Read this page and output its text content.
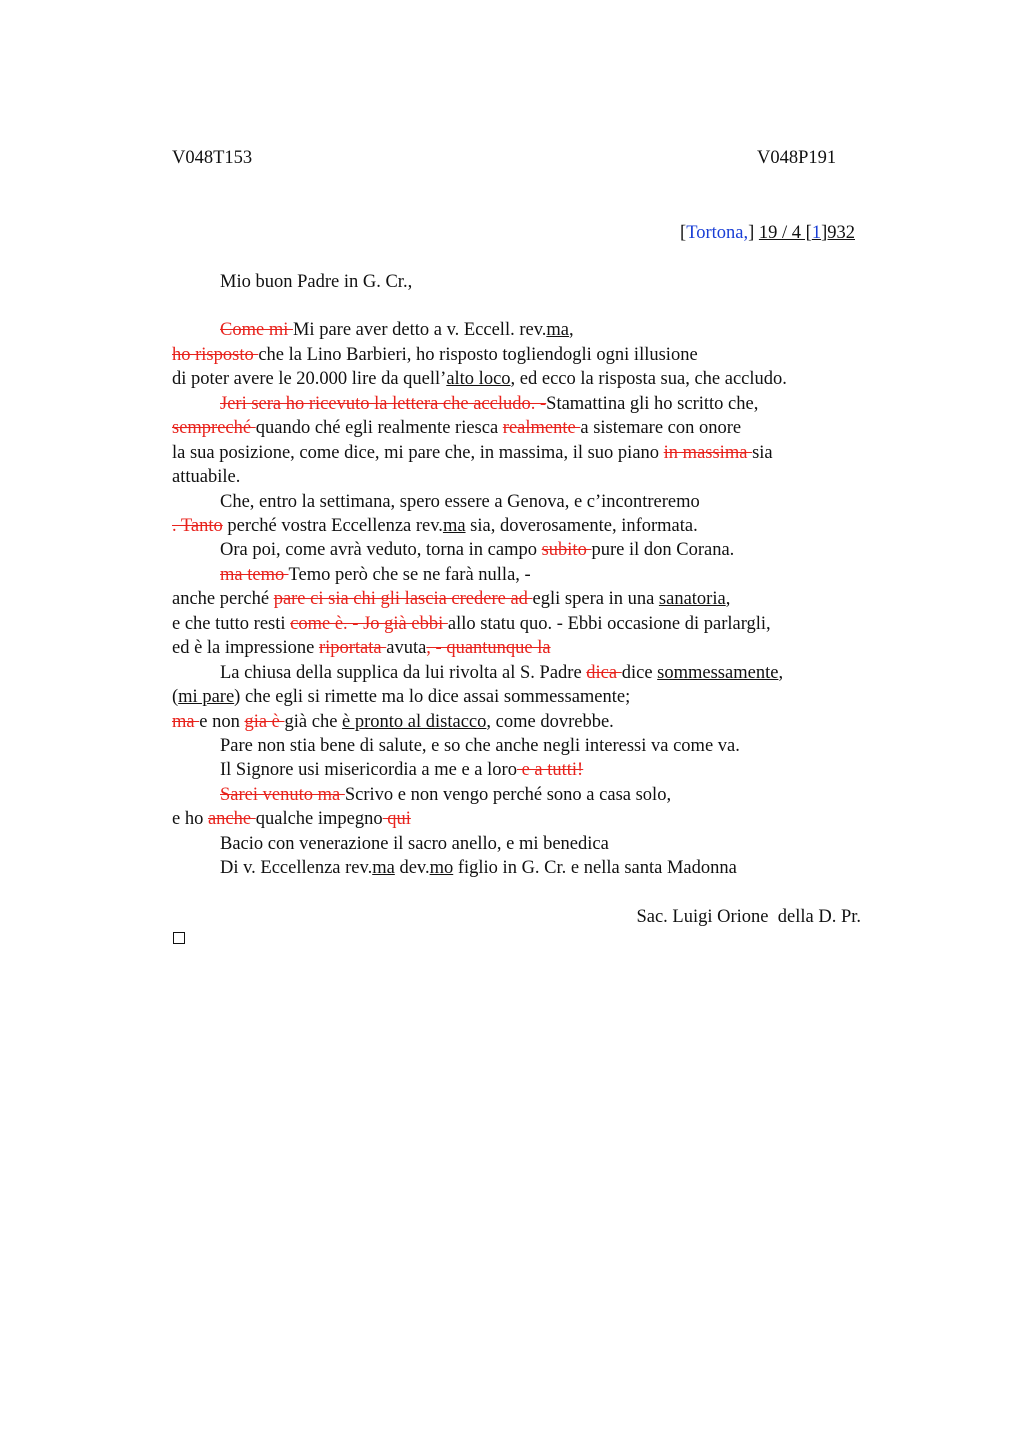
V048T153	V048P191
[Tortona,] 19 / 4 [1]932
Mio buon Padre in G. Cr.,
Come mi Mi pare aver detto a v. Eccell. rev.ma,
ho risposto che la Lino Barbieri, ho risposto togliendogli ogni illusione
di poter avere le 20.000 lire da quell’alto loco, ed ecco la risposta sua, che accludo.
Jeri sera ho ricevuto la lettera che accludo. -Stamattina gli ho scritto che,
sempreché quando ché egli realmente riesca realmente a sistemare con onore
la sua posizione, come dice, mi pare che, in massima, il suo piano in massima sia
attuabile.
Che, entro la settimana, spero essere a Genova, e c’incontreremo
. Tanto perché vostra Eccellenza rev.ma sia, doverosamente, informata.
Ora poi, come avrà veduto, torna in campo subito pure il don Corana.
ma temo Temo però che se ne farà nulla, -
anche perché pare ci sia chi gli lascia credere ad egli spera in una sanatoria,
e che tutto resti come è. - Jo già ebbi allo statu quo. - Ebbi occasione di parlargli,
ed è la impressione riportata avuta, - quantunque la
La chiusa della supplica da lui rivolta al S. Padre dica dice sommessamente,
(mi pare) che egli si rimette ma lo dice assai sommessamente;
ma e non gia è già che è pronto al distacco, come dovrebbe.
Pare non stia bene di salute, e so che anche negli interessi va come va.
Il Signore usi misericordia a me e a loro e a tutti!
Sarei venuto ma Scrivo e non vengo perché sono a casa solo,
e ho anche qualche impegno qui
Bacio con venerazione il sacro anello, e mi benedica
Di v. Eccellenza rev.ma dev.mo figlio in G. Cr. e nella santa Madonna
Sac. Luigi Orione  della D. Pr.
